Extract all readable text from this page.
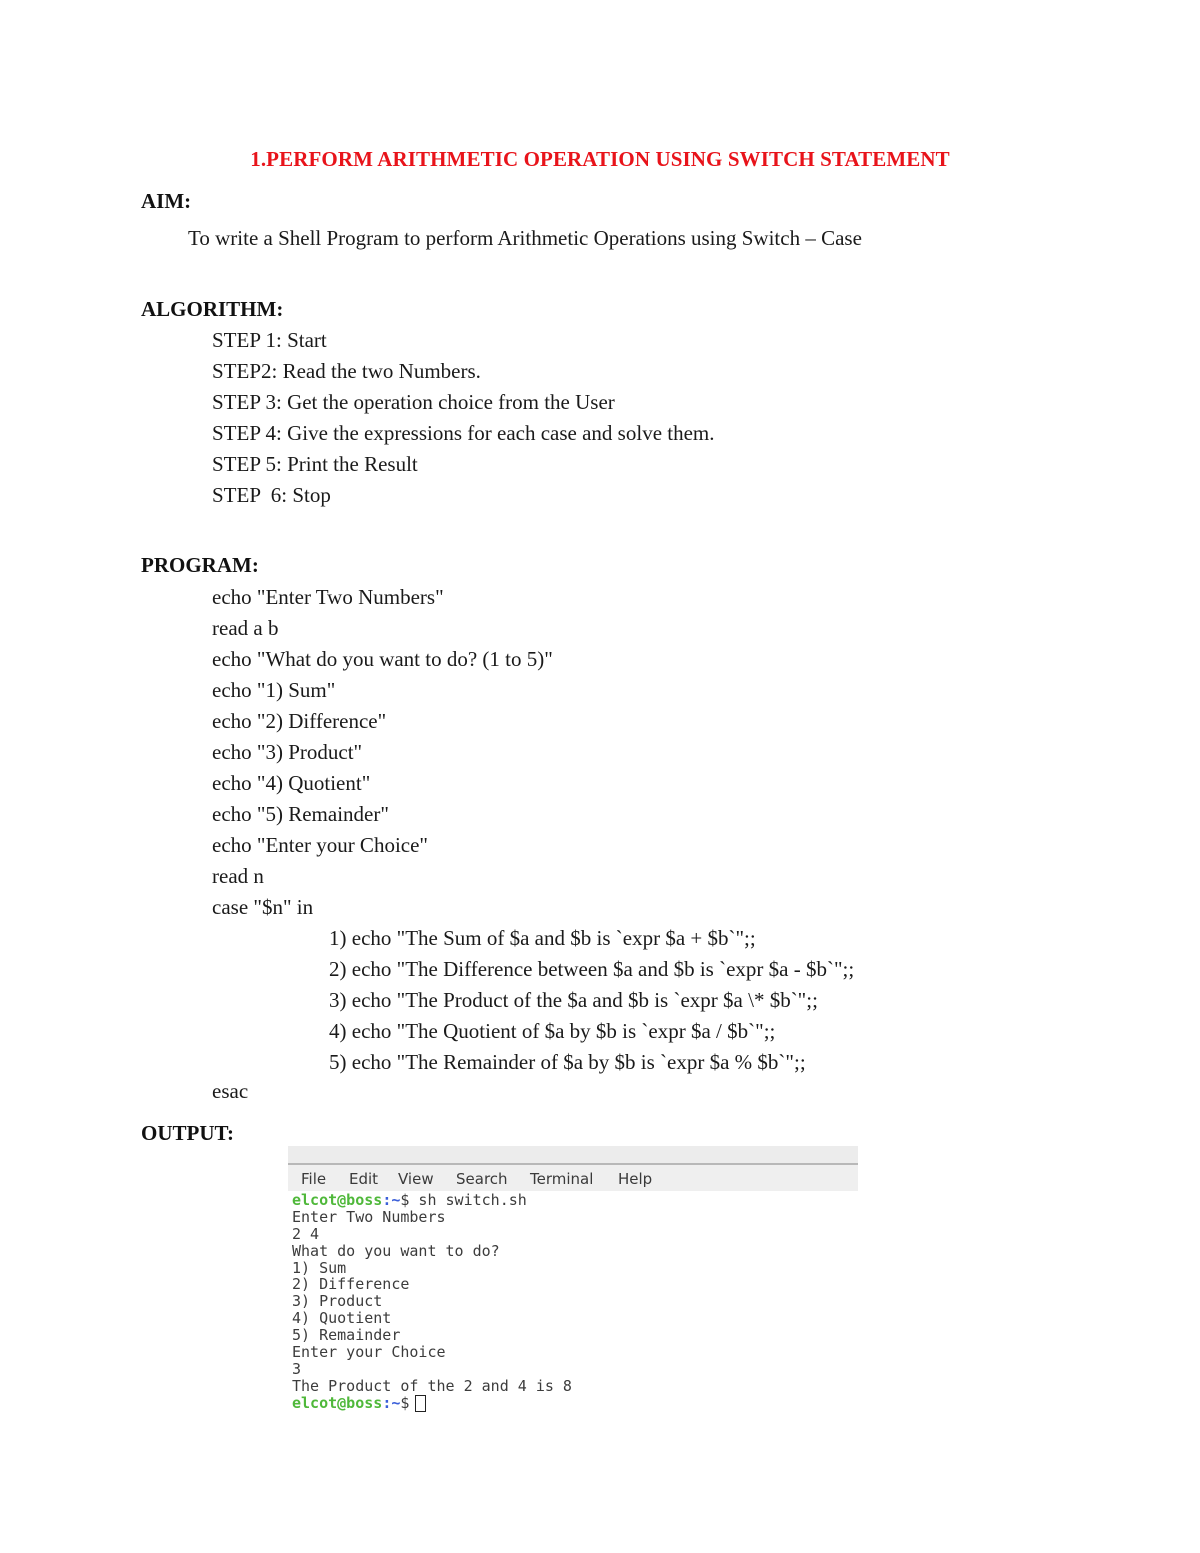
1.PERFORM ARITHMETIC OPERATION USING SWITCH STATEMENT
AIM:
To write a Shell Program to perform Arithmetic Operations using Switch – Case
ALGORITHM:
STEP 1: Start
STEP2: Read the two Numbers.
STEP 3: Get the operation choice from the User
STEP 4: Give the expressions for each case and solve them.
STEP 5: Print the Result
STEP  6: Stop
PROGRAM:
echo "Enter Two Numbers"
read a b
echo "What do you want to do? (1 to 5)"
echo "1) Sum"
echo "2) Difference"
echo "3) Product"
echo "4) Quotient"
echo "5) Remainder"
echo "Enter your Choice"
read n
case "$n" in
1) echo "The Sum of $a and $b is `expr $a + $b`";;
2) echo "The Difference between $a and $b is `expr $a - $b`";;
3) echo "The Product of the $a and $b is `expr $a \* $b`";;
4) echo "The Quotient of $a by $b is `expr $a / $b`";;
5) echo "The Remainder of $a by $b is `expr $a % $b`";;
esac
OUTPUT:
File Edit View Search Terminal Help
elcot@boss:~$ sh switch.sh
Enter Two Numbers
2 4
What do you want to do?
1) Sum
2) Difference
3) Product
4) Quotient
5) Remainder
Enter your Choice
3
The Product of the 2 and 4 is 8
elcot@boss:~$
